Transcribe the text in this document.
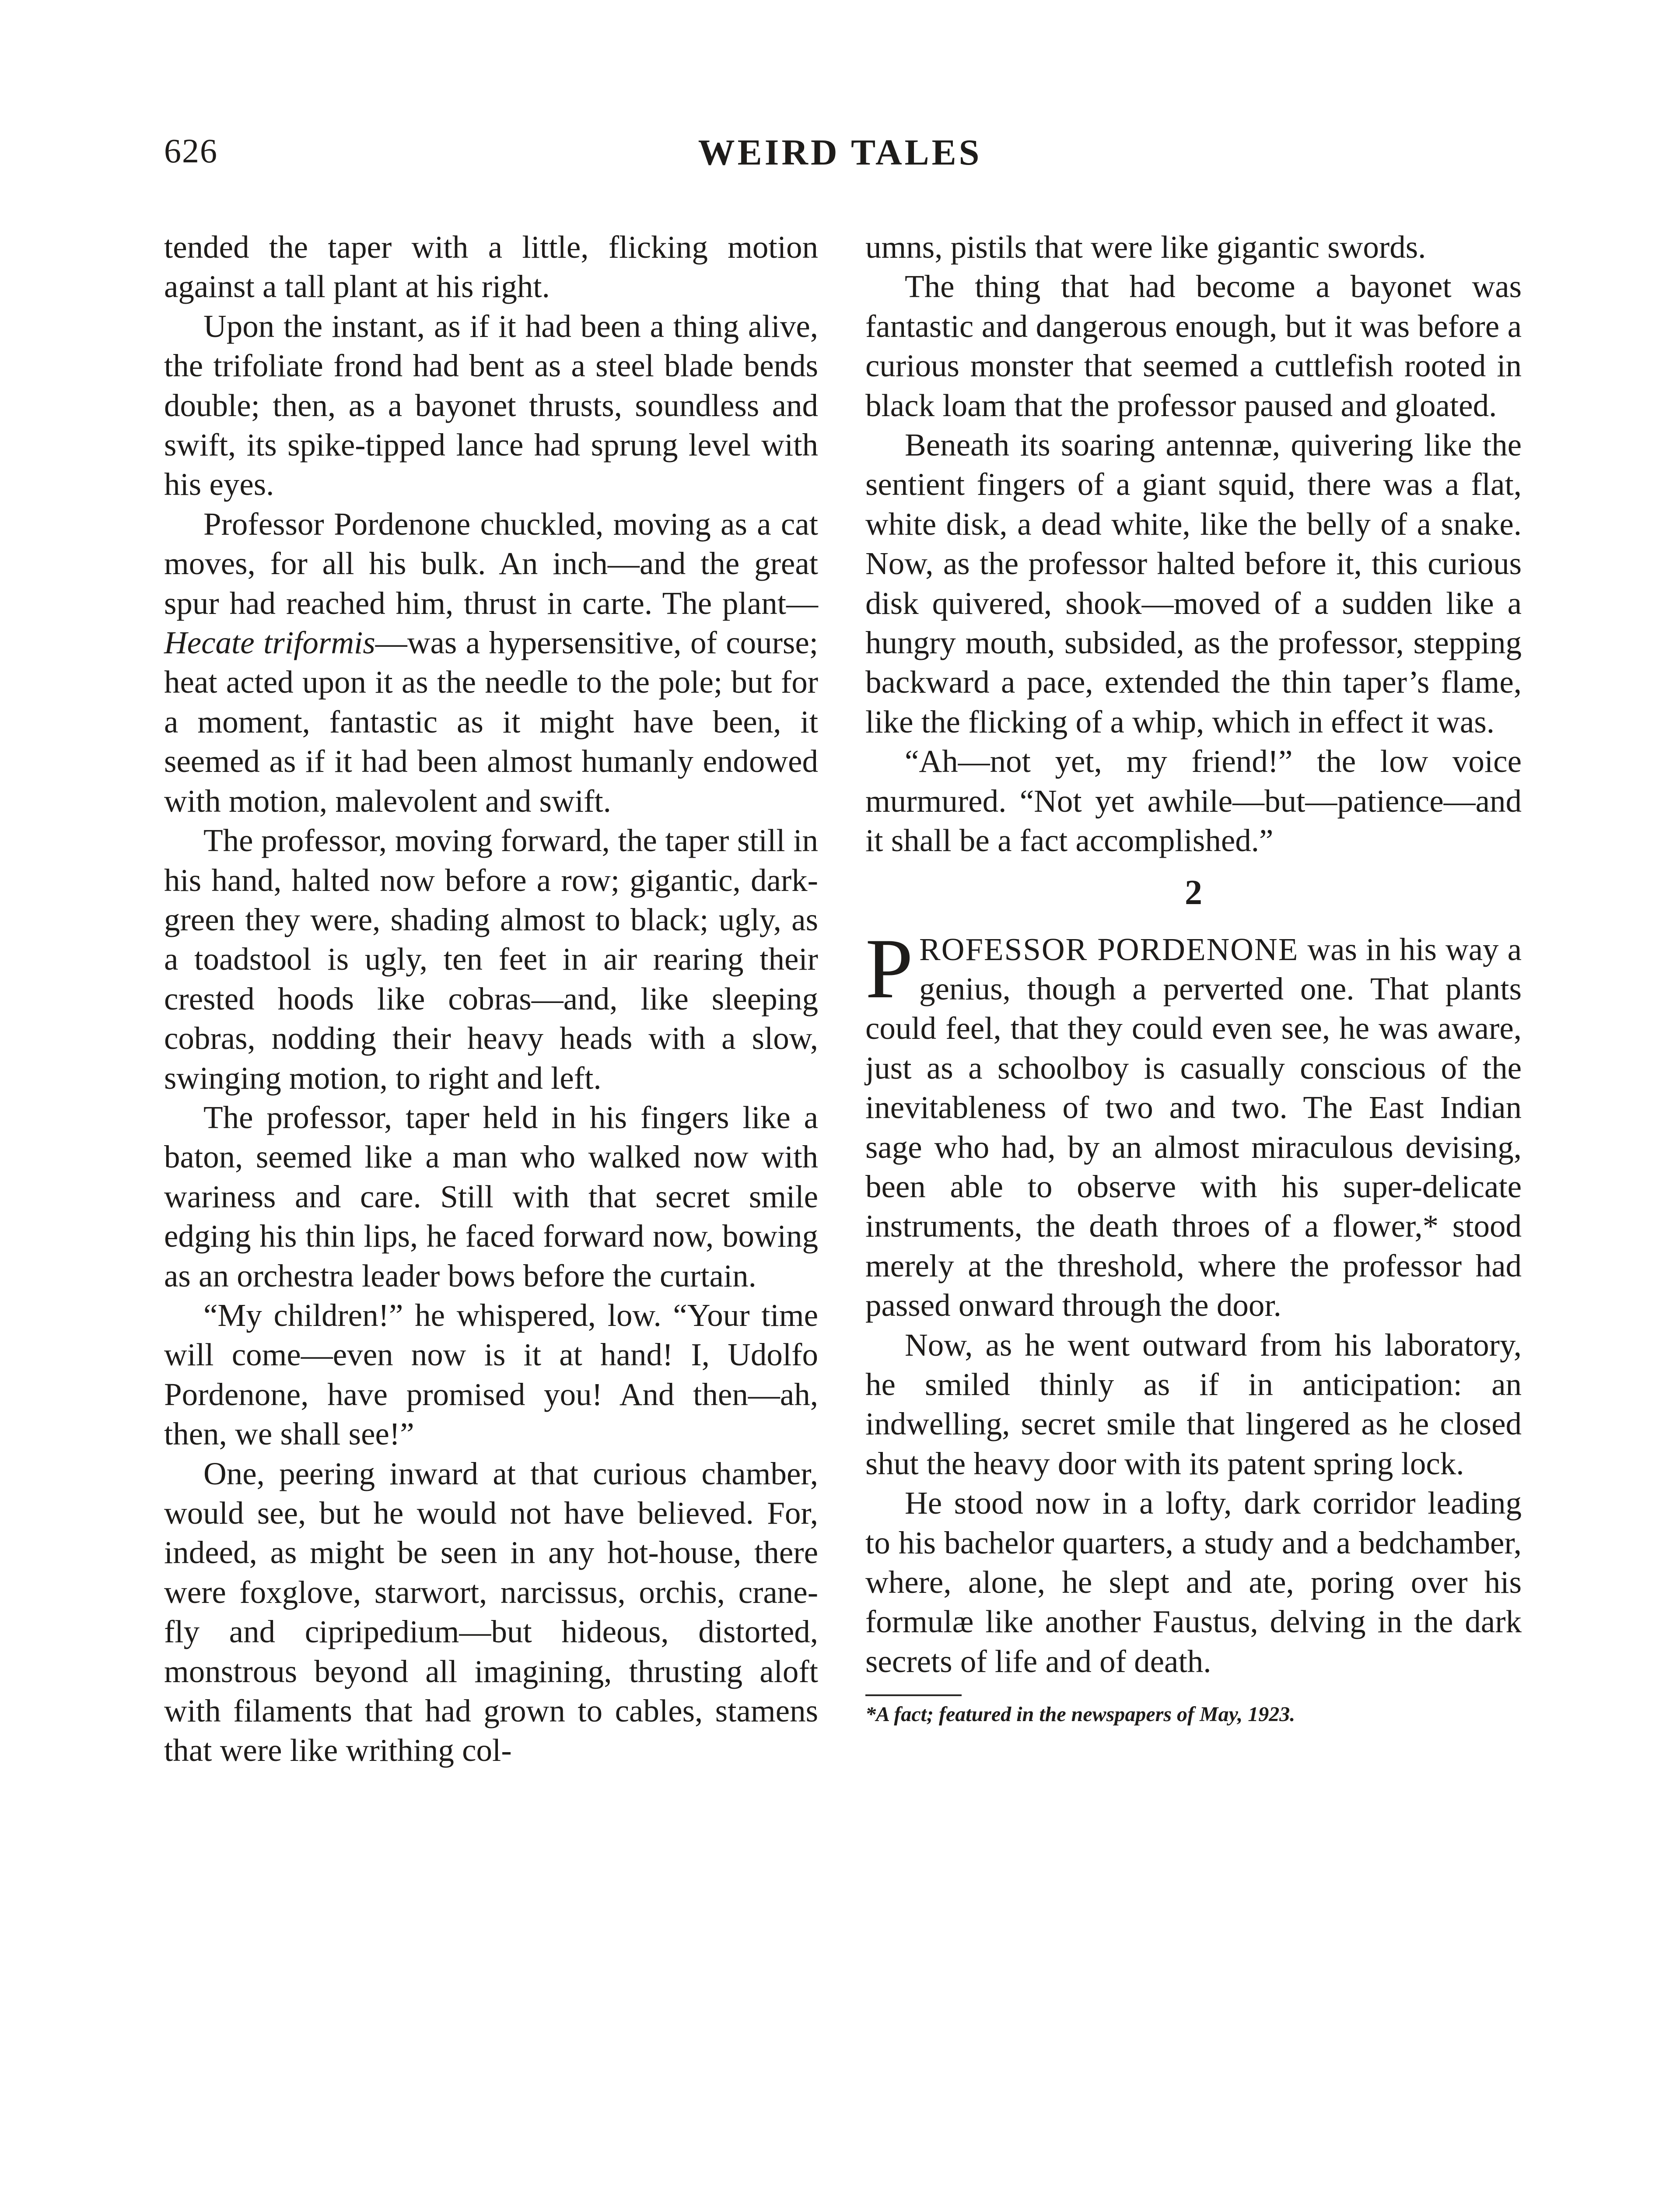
626	WEIRD TALES

tended the taper with a little, flicking motion against a tall plant at his right.

Upon the instant, as if it had been a thing alive, the trifoliate frond had bent as a steel blade bends double; then, as a bayonet thrusts, soundless and swift, its spike-tipped lance had sprung level with his eyes.

Professor Pordenone chuckled, moving as a cat moves, for all his bulk. An inch—and the great spur had reached him, thrust in carte. The plant—Hecate triformis—was a hypersensitive, of course; heat acted upon it as the needle to the pole; but for a moment, fantastic as it might have been, it seemed as if it had been almost humanly endowed with motion, malevolent and swift.

The professor, moving forward, the taper still in his hand, halted now before a row; gigantic, dark-green they were, shading almost to black; ugly, as a toadstool is ugly, ten feet in air rearing their crested hoods like cobras—and, like sleeping cobras, nodding their heavy heads with a slow, swinging motion, to right and left.

The professor, taper held in his fingers like a baton, seemed like a man who walked now with wariness and care. Still with that secret smile edging his thin lips, he faced forward now, bowing as an orchestra leader bows before the curtain.

“My children!” he whispered, low. “Your time will come—even now is it at hand! I, Udolfo Pordenone, have promised you! And then—ah, then, we shall see!”

One, peering inward at that curious chamber, would see, but he would not have believed. For, indeed, as might be seen in any hot-house, there were foxglove, starwort, narcissus, orchis, crane-fly and cipripedium—but hideous, distorted, monstrous beyond all imagining, thrusting aloft with filaments that had grown to cables, stamens that were like writhing col-

umns, pistils that were like gigantic swords.

The thing that had become a bayonet was fantastic and dangerous enough, but it was before a curious monster that seemed a cuttlefish rooted in black loam that the professor paused and gloated.

Beneath its soaring antennæ, quivering like the sentient fingers of a giant squid, there was a flat, white disk, a dead white, like the belly of a snake. Now, as the professor halted before it, this curious disk quivered, shook—moved of a sudden like a hungry mouth, subsided, as the professor, stepping backward a pace, extended the thin taper’s flame, like the flicking of a whip, which in effect it was.

“Ah—not yet, my friend!” the low voice murmured. “Not yet awhile—but—patience—and it shall be a fact accomplished.”

2

PROFESSOR PORDENONE was in his way a genius, though a perverted one. That plants could feel, that they could even see, he was aware, just as a schoolboy is casually conscious of the inevitableness of two and two. The East Indian sage who had, by an almost miraculous devising, been able to observe with his super-delicate instruments, the death throes of a flower,* stood merely at the threshold, where the professor had passed onward through the door.

Now, as he went outward from his laboratory, he smiled thinly as if in anticipation: an indwelling, secret smile that lingered as he closed shut the heavy door with its patent spring lock.

He stood now in a lofty, dark corridor leading to his bachelor quarters, a study and a bedchamber, where, alone, he slept and ate, poring over his formulæ like another Faustus, delving in the dark secrets of life and of death.

*A fact; featured in the newspapers of May, 1923.
